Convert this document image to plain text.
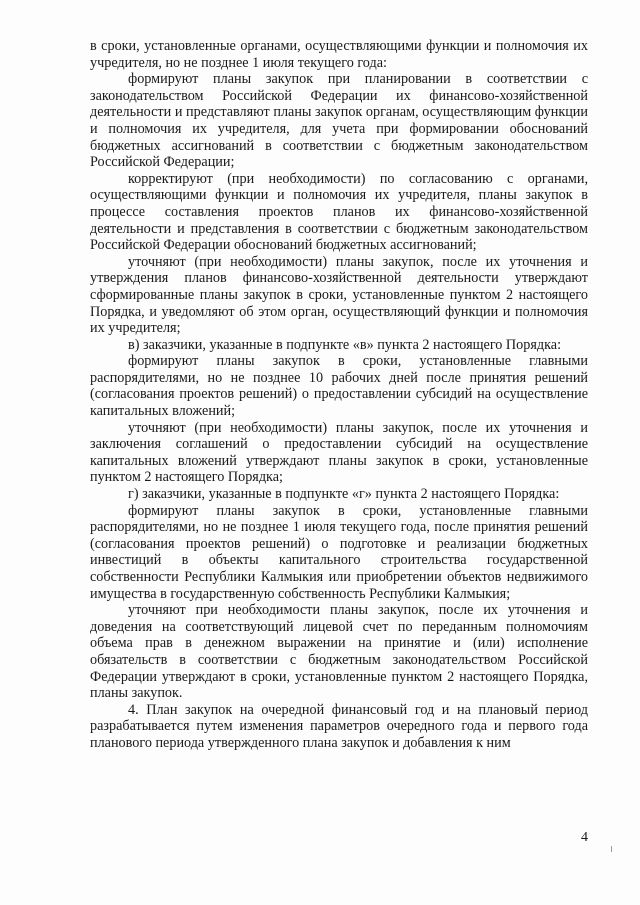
в сроки, установленные органами, осуществляющими функции и полномочия их учредителя, но не позднее 1 июля текущего года:

формируют планы закупок при планировании в соответствии с законодательством Российской Федерации их финансово-хозяйственной деятельности и представляют планы закупок органам, осуществляющим функции и полномочия их учредителя, для учета при формировании обоснований бюджетных ассигнований в соответствии с бюджетным законодательством Российской Федерации;

корректируют (при необходимости) по согласованию с органами, осуществляющими функции и полномочия их учредителя, планы закупок в процессе составления проектов планов их финансово-хозяйственной деятельности и представления в соответствии с бюджетным законодательством Российской Федерации обоснований бюджетных ассигнований;

уточняют (при необходимости) планы закупок, после их уточнения и утверждения планов финансово-хозяйственной деятельности утверждают сформированные планы закупок в сроки, установленные пунктом 2 настоящего Порядка, и уведомляют об этом орган, осуществляющий функции и полномочия их учредителя;

в) заказчики, указанные в подпункте «в» пункта 2 настоящего Порядка:

формируют планы закупок в сроки, установленные главными распорядителями, но не позднее 10 рабочих дней после принятия решений (согласования проектов решений) о предоставлении субсидий на осуществление капитальных вложений;

уточняют (при необходимости) планы закупок, после их уточнения и заключения соглашений о предоставлении субсидий на осуществление капитальных вложений утверждают планы закупок в сроки, установленные пунктом 2 настоящего Порядка;

г) заказчики, указанные в подпункте «г» пункта 2 настоящего Порядка:

формируют планы закупок в сроки, установленные главными распорядителями, но не позднее 1 июля текущего года, после принятия решений (согласования проектов решений) о подготовке и реализации бюджетных инвестиций в объекты капитального строительства государственной собственности Республики Калмыкия или приобретении объектов недвижимого имущества в государственную собственность Республики Калмыкия;

уточняют при необходимости планы закупок, после их уточнения и доведения на соответствующий лицевой счет по переданным полномочиям объема прав в денежном выражении на принятие и (или) исполнение обязательств в соответствии с бюджетным законодательством Российской Федерации утверждают в сроки, установленные пунктом 2 настоящего Порядка, планы закупок.

4. План закупок на очередной финансовый год и на плановый период разрабатывается путем изменения параметров очередного года и первого года планового периода утвержденного плана закупок и добавления к ним

4
